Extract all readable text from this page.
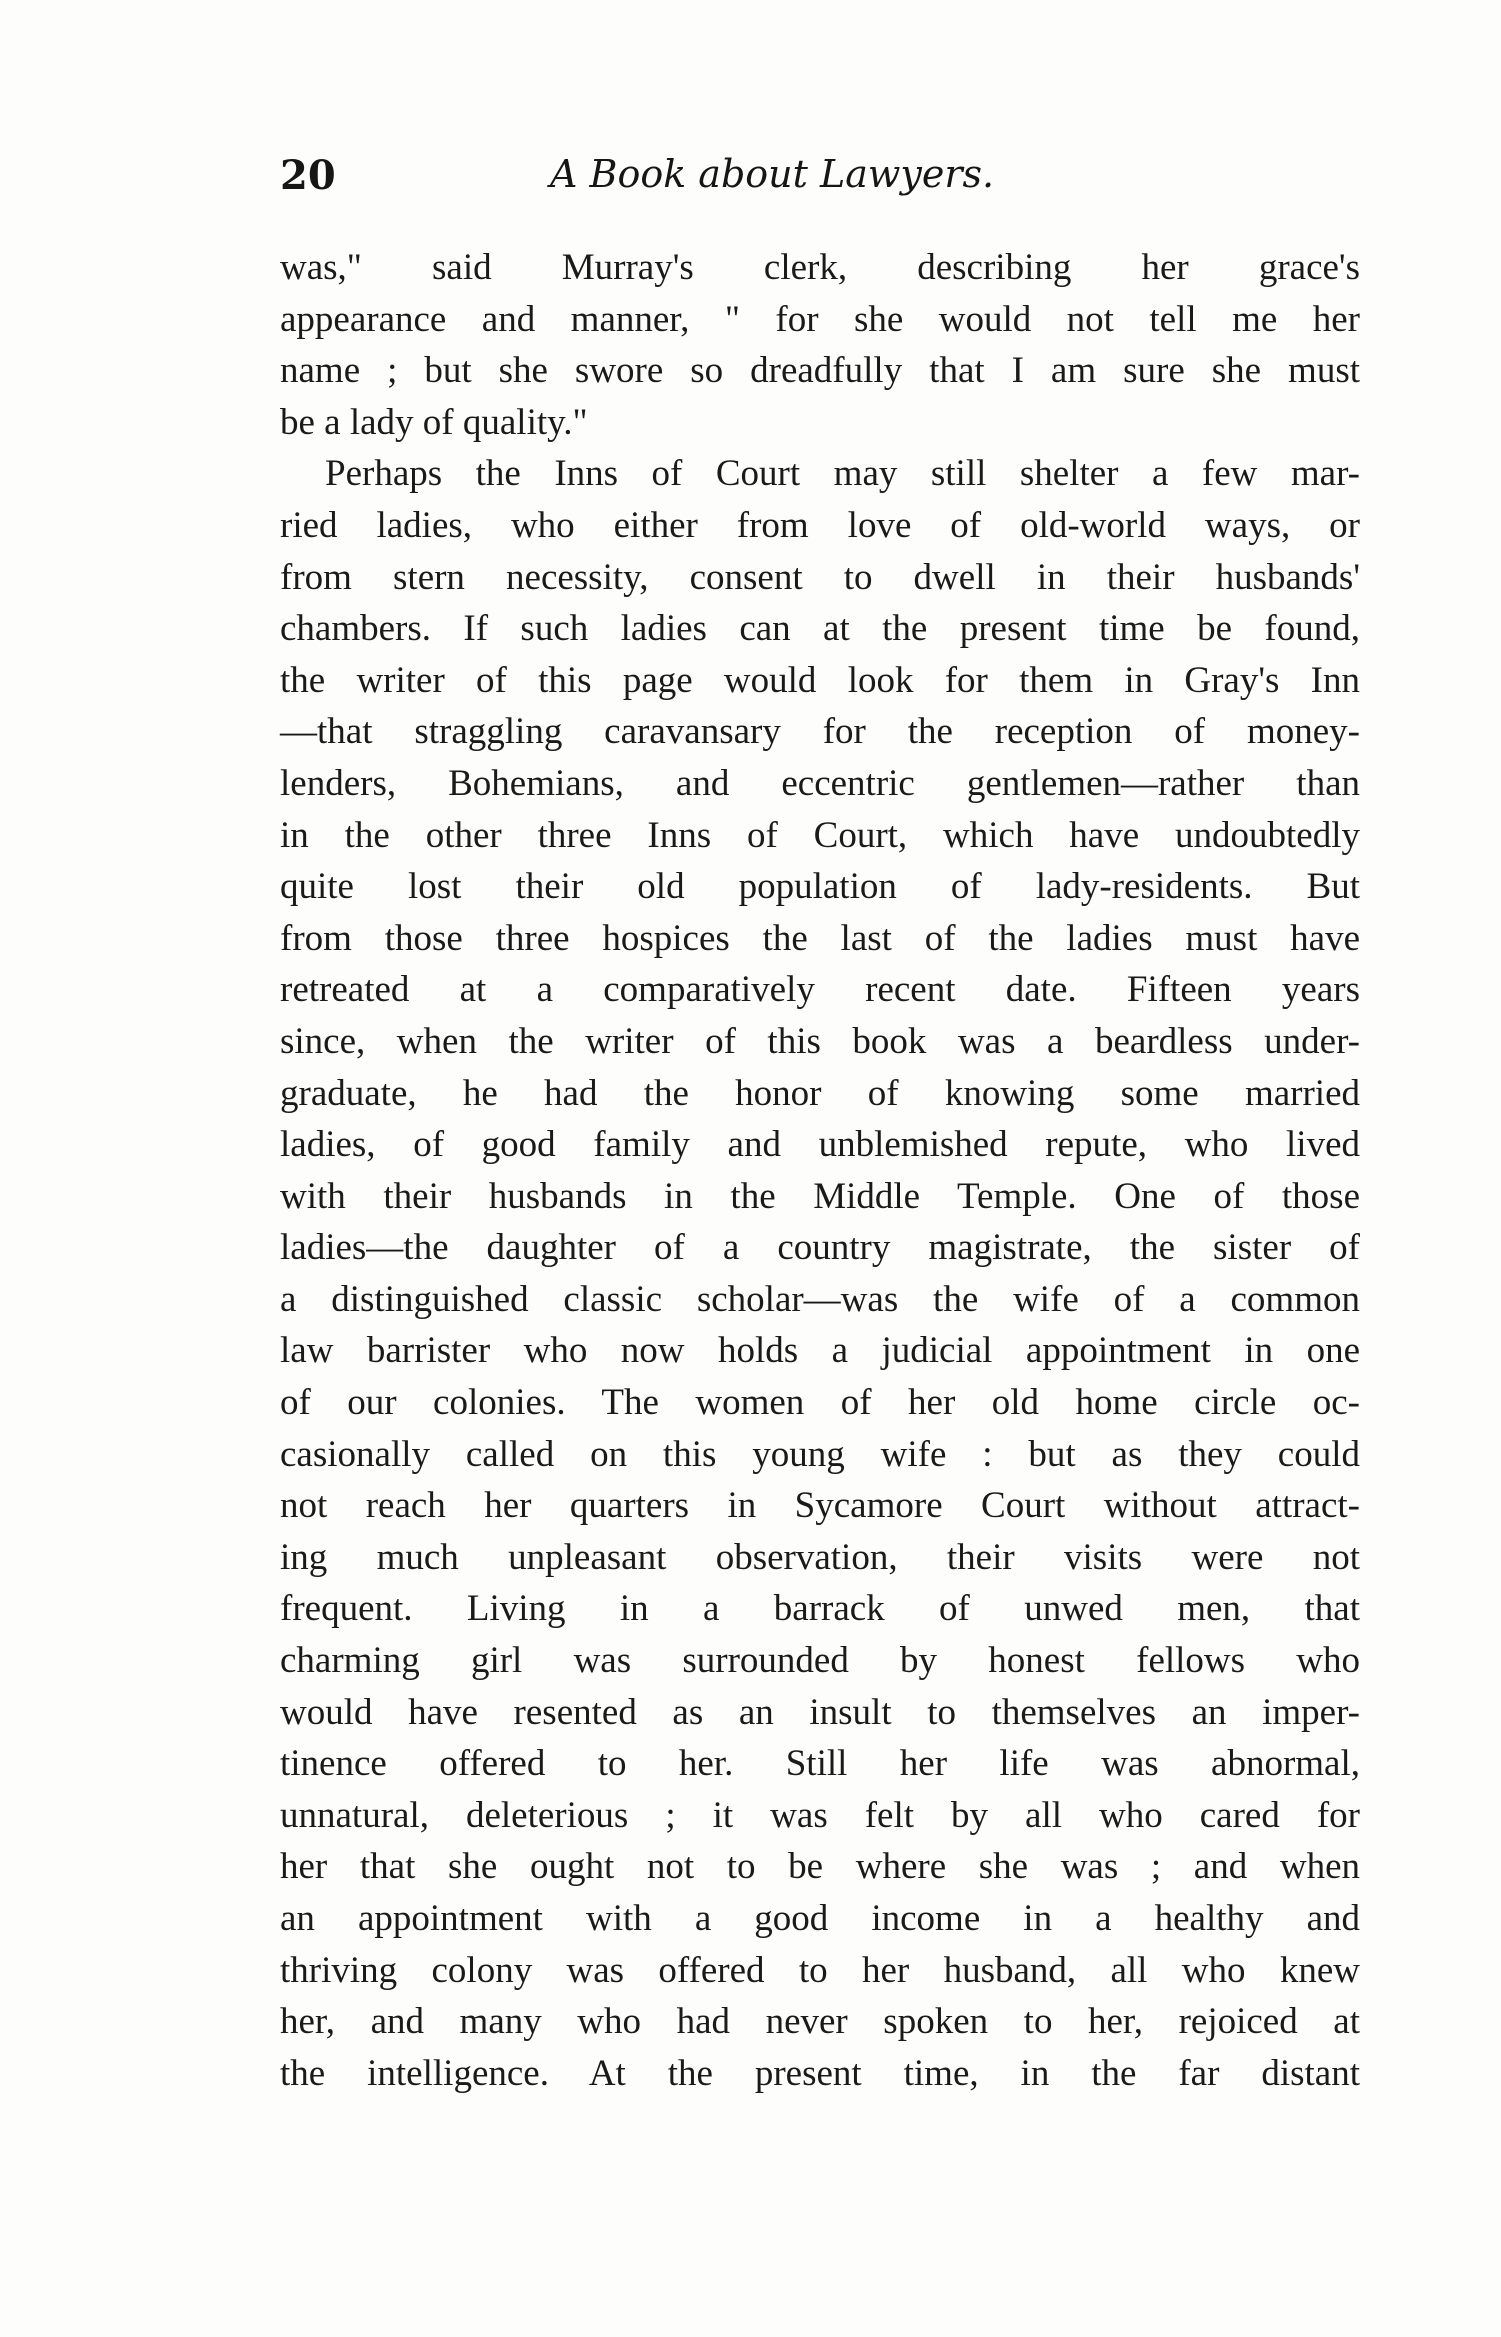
20	A Book about Lawyers.
was," said Murray's clerk, describing her grace's
appearance and manner, " for she would not tell me her
name ; but she swore so dreadfully that I am sure she must
be a lady of quality."
Perhaps the Inns of Court may still shelter a few mar-
ried ladies, who either from love of old-world ways, or
from stern necessity, consent to dwell in their husbands'
chambers. If such ladies can at the present time be found,
the writer of this page would look for them in Gray's Inn
—that straggling caravansary for the reception of money-
lenders, Bohemians, and eccentric gentlemen—rather than
in the other three Inns of Court, which have undoubtedly
quite lost their old population of lady-residents. But
from those three hospices the last of the ladies must have
retreated at a comparatively recent date. Fifteen years
since, when the writer of this book was a beardless under-
graduate, he had the honor of knowing some married
ladies, of good family and unblemished repute, who lived
with their husbands in the Middle Temple. One of those
ladies—the daughter of a country magistrate, the sister of
a distinguished classic scholar—was the wife of a common
law barrister who now holds a judicial appointment in one
of our colonies. The women of her old home circle oc-
casionally called on this young wife : but as they could
not reach her quarters in Sycamore Court without attract-
ing much unpleasant observation, their visits were not
frequent. Living in a barrack of unwed men, that
charming girl was surrounded by honest fellows who
would have resented as an insult to themselves an imper-
tinence offered to her. Still her life was abnormal,
unnatural, deleterious ; it was felt by all who cared for
her that she ought not to be where she was ; and when
an appointment with a good income in a healthy and
thriving colony was offered to her husband, all who knew
her, and many who had never spoken to her, rejoiced at
the intelligence. At the present time, in the far distant
